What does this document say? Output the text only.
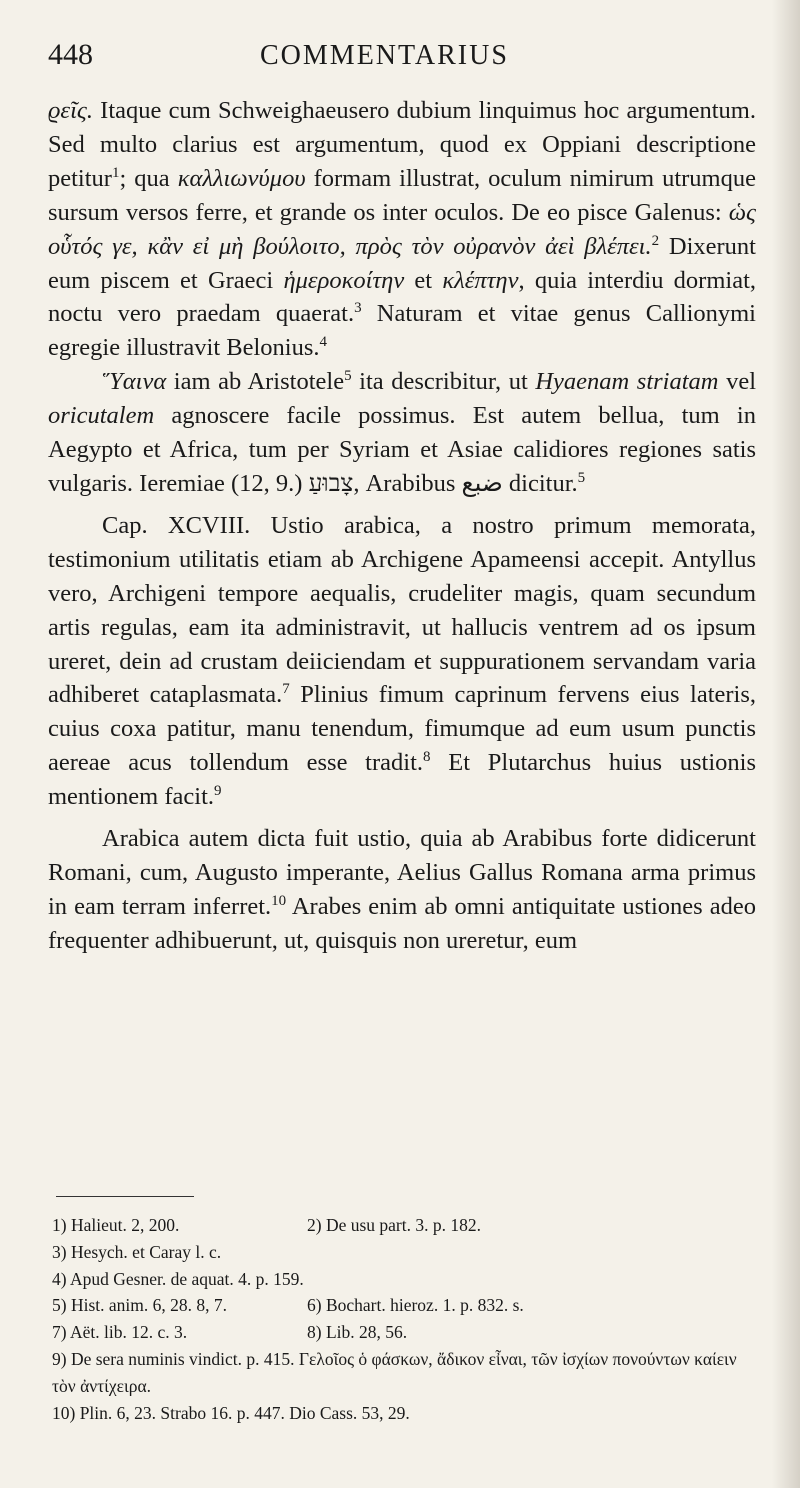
448	COMMENTARIUS

ϱεῖς. Itaque cum Schweighaeusero dubium linquimus hoc argumentum. Sed multo clarius est argumentum, quod ex Oppiani descriptione petitur$^1$; qua καλλιωνύμου formam illustrat, oculum nimirum utrumque sursum versos ferre, et grande os inter oculos. De eo pisce Galenus: ὡς οὗτός γε, κἂν εἰ μὴ βούλοιτο, πρὸς τὸν οὐρανὸν ἀεὶ βλέπει.$^2$ Dixerunt eum piscem et Graeci ἡμεροκοίτην et κλέπτην, quia interdiu dormiat, noctu vero praedam quaerat.$^3$ Naturam et vitae genus Callionymi egregie illustravit Belonius.$^4$

Ὕαινα iam ab Aristotele$^5$ ita describitur, ut Hyaenam striatam vel oricutalem agnoscere facile possimus. Est autem bellua, tum in Aegypto et Africa, tum per Syriam et Asiae calidiores regiones satis vulgaris. Ieremiae (12, 9.) צָבוּעַ, Arabibus ضبع dicitur.$^5$

Cap. XCVIII. Ustio arabica, a nostro primum memorata, testimonium utilitatis etiam ab Archigene Apameensi accepit. Antyllus vero, Archigeni tempore aequalis, crudeliter magis, quam secundum artis regulas, eam ita administravit, ut hallucis ventrem ad os ipsum ureret, dein ad crustam deiiciendam et suppurationem servandam varia adhiberet cataplasmata.$^7$ Plinius fimum caprinum fervens eius lateris, cuius coxa patitur, manu tenendum, fimumque ad eum usum punctis aereae acus tollendum esse tradit.$^8$ Et Plutarchus huius ustionis mentionem facit.$^9$

Arabica autem dicta fuit ustio, quia ab Arabibus forte didicerunt Romani, cum, Augusto imperante, Aelius Gallus Romana arma primus in eam terram inferret.$^{10}$ Arabes enim ab omni antiquitate ustiones adeo frequenter adhibuerunt, ut, quisquis non ureretur, eum

1) Halieut. 2, 200.	2) De usu part. 3. p. 182.
3) Hesych. et Caray l. c.
4) Apud Gesner. de aquat. 4. p. 159.
5) Hist. anim. 6, 28. 8, 7.	6) Bochart. hieroz. 1. p. 832. s.
7) Aët. lib. 12. c. 3.	8) Lib. 28, 56.
9) De sera numinis vindict. p. 415. Γελοῖος ὁ φάσκων, ἄδικον εἶναι, τῶν ἰσχίων πονούντων καίειν τὸν ἀντίχειρα.
10) Plin. 6, 23. Strabo 16. p. 447. Dio Cass. 53, 29.
